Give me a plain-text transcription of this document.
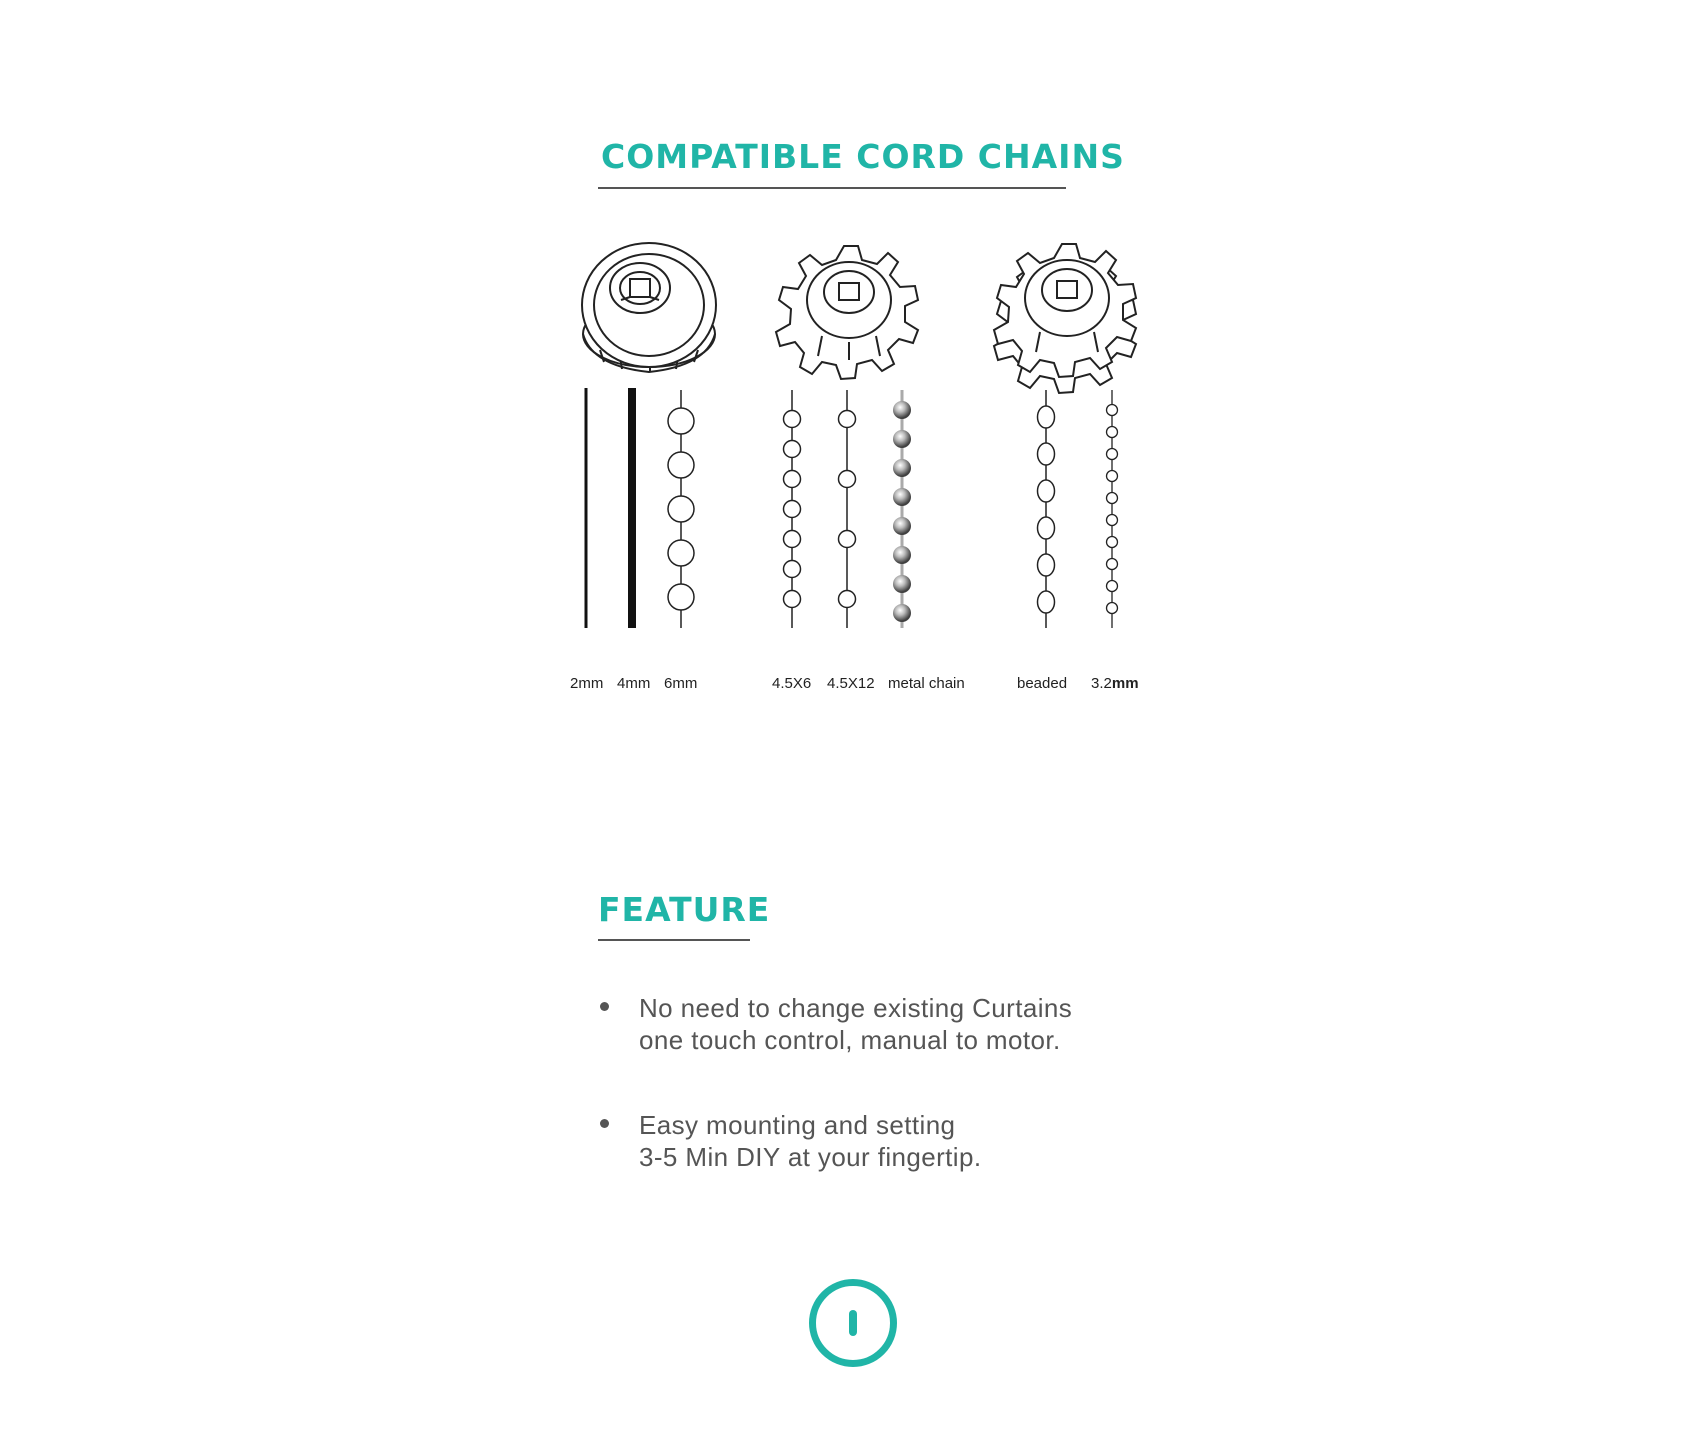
COMPATIBLE CORD CHAINS
2mm 4mm 6mm	4.5X6 4.5X12 metal chain	beaded 3.2mm
FEATURE
No need to change existing Curtains
one touch control, manual to motor.
Easy mounting and setting
3-5 Min DIY at your fingertip.
